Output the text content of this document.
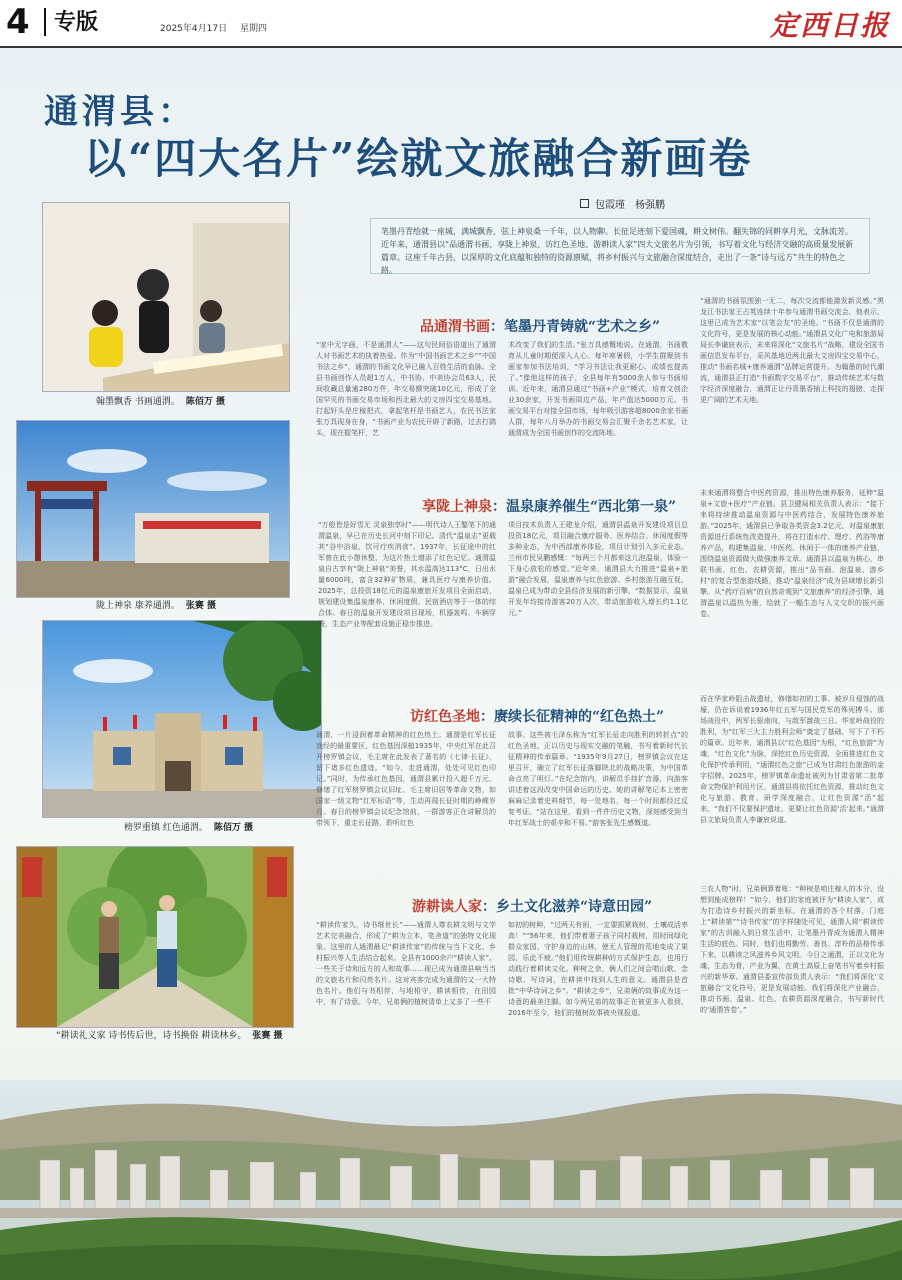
4	专版	2025年4月17日 星期四	定西日报
通渭县：
以“四大名片”绘就文旅融合新画卷
包霞瑾　杨强鹏
笔墨丹青绘就一座城，满城飘香，弦上神泉桑一千年，以人物聊。长征足迹刻下爱国魂，耕文树伟。翻失锦的同耕享月光，文脉流芳。近年来，通渭县以“品通渭书画、享陇上神泉、访红色圣地、游耕读人家”四大文旅名片为引领，书写着文化与经济交融的高质量发展新篇章。这座千年古县，以深厚的文化底蕴和独特的资源禀赋，将乡村振兴与文旅融合深度结合，走出了一条“诗与远方”共生的特色之路。
翰墨飘香 书画通渭。 陈佰万 摄
陇上神泉 康养通渭。 张赛 摄
榜罗重镇 红色通渭。 陈佰万 摄
“耕读礼义家 诗书传后世，诗书换俗 耕读林乡。 张赛 摄
品通渭书画：笔墨丹青铸就“艺术之乡”
“家中无字画，不是通渭人”——这句民间俗语道出了通渭人对书画艺术的执着热爱。作为“中国书画艺术之乡”“中国书法之乡”，通渭的书画文化早已融入百姓生活的血脉。全县书画创作人员超1万人，中书协、中美协会员63人，民间收藏总量逾280万件，年交易额突破10亿元，形成了全国罕见的书画交易市场和西北最大的文房四宝交易基地。打起轩头是庄稼把式，拿起笔杆是书画艺人，农民书法家张万具现身在身，“书画产业为农民开辟了新路，过去打鹞头，现在握笔杆，艺
术改变了我们的生活。”张万具感慨地说。在通渭，书画教育从儿童时期便深入人心。每年寒暑假，小学生群聚到书画家参加书法培训，“学习书法让我更耐心、成绩也提高了。”像他这样的孩子，全县每年有5000余人参与书画培训。近年来，通渭县通过“书画+产业”模式，培育文创企业30余家，开发书画周边产品，年产值达5000万元。书画交易平台对接全国市场，每年吸引游客超8000余家书画人群，每年八月举办的书画交易会汇聚千余名艺术家，让通渭成为全国书画创作的交流阵地。
“通渭的书画氛围独一无二，每次交流都能激发新灵感。”黑龙江书法家王占英连续十年参与通渭书画交流会，他表示，这里已成为艺术家“以笔会友”的圣地。“书画不仅是通渭的文化符号，更是发展的核心动能。”通渭县文化广电和旅游局局长李谦宸表示，未来将深化“文旅名片”战略，建设全国书画信息发布平台，采风基地近两北最大文房四宝交易中心，推动“书画名城+康养通渭”品牌运营提升。为翰墨的时代潮流，通渭县正打造“书画数字交易平台”，推动传统艺术与数字经济深度融合，通渭正让丹青墨香插上科技的翅膀，走探更广阔的艺术天地。
享陇上神泉：温泉康养催生“西北第一泉”
“万般皆是好雪无 灵泉独享时”——明代诗人王鏊笔下的通渭温泉，早已在历史长河中刻下印记。清代“温泉志”更载其“谷中浴泉，饮可疗疾消食”。1937年，长征途中的红军曾在此小憩休整，为这片热土增添了红色记忆。通渭温泉自古享有“陇上神泉”美誉，其水温高达113°C，日出水量6000吨，富含32种矿物质，兼具医疗与康养价值。2025年，总投资18亿元的温泉康旅开发项目全面启动，规划建设集温泉康养、休闲度假、民宿酒店等于一体的综合体。春日的温泉开发建设项目现场，机器轰鸣、车辆穿梭，生态产业等配套设施正稳步推进。
项目技术负责人王建龙介绍，通渭县温泉开发建设项目总投资18亿元，项目融合康疗服务、医养结合、休闲度假等多种业态，为中西部康养体验，项目计划引入多元业态。兰州市民吴鹏感慨：“每两三个月都来这儿泡温泉，体验一下身心放松的感觉。”近年来，通渭县大力推进“温泉+旅游”融合发展，温泉康养与红色旅游、乡村旅游互融互促，温泉已成为带动全县经济发展的新引擎。“数据显示，温泉开发年均接待游客20万人次，带动旅游收入增长约1.1亿元。”
未来通渭将整合中医药资源，推出特色康养服务，延伸“温泉+文旅+医疗”产业链。县卫健局相关负责人表示：“接下来将持续推动温泉资源与中医药结合，发展特色康养旅游。”2025年，通渭县已争取各类资金3.2亿元，对温泉康旅资源进行系统性改造提升，将在打造水疗、理疗、药浴等康养产品，构建集温泉、中医药、休闲于一体的康养产业链，围绕温泉资源做大做强康养文章。通渭县以温泉为核心，串联书画、红色、农耕资源，推出“品书画、泡温泉、游乡村”的复合型旅游线路，推动“温泉经济”成为县域增长新引擎。从“药疗百病”的自然奇观到“文旅康养”的经济引擎，通渭温泉以温热为墨，绘就了一幅生态与人文交织的振兴画卷。
访红色圣地：赓续长征精神的“红色热土”
通渭，一片浸润着革命精神的红色热土。通渭是红军长征途经的最重要区，红色基因深植1935年，中央红军在此召开榜罗镇会议，毛主席在此发表了著名的《七律·长征》，留下诸多红色遗迹。“如今，走进通渭，处处可见红色印记。”同时，为传承红色基因，通渭县累计投入超千万元，修缮了红军榜罗镇会议旧址、毛主席旧居等革命文物，如国家一级文物“红军标语”等，生动再现长征时期的峥嵘岁月。春日的榜罗镇会议纪念馆前，一群游客正在讲解员的带领下，重走长征路，聆听红色
故事。这些被毛泽东称为“红军长征走向胜利的转折点”的红色圣地，正以历史与现实交融的笔触，书写着新时代长征精神的传承篇章。“1935年9月27日，榜罗镇会议在这里召开，确立了红军长征落脚陕北的战略决策，为中国革命点亮了明灯。”在纪念馆内，讲解员手持扩音器，向游客讲述着这段改变中国命运的历史。她的讲解笔记本上密密麻麻记录着史料细节，每一处地名，每一个时间都经过反复考证。“站在这里，看到一件件历史文物，深刻感受到当年红军战士的艰辛和不易。”游客张先生感慨道。
而在华家岭阻击战遗址，修缮如初的工事、被岁月侵蚀的战壕，仍在诉说着1936年红五军与国民党军的殊死搏斗。那场战役中，两军长驱南向，与敌军激战三日。华家岭战役的胜利，为“红军三大主力胜利会师”奠定了基础，写下了不朽的篇章。近年来，通渭县以“红色基因”为根，“红色旅游”为魂，“红色文化”为脉，深挖红色历史资源，全面推进红色文化保护传承利用，“通渭红色之旅”已成为甘肃红色旅游的金字招牌。2025年，榜罗镇革命遗址被列为甘肃省第二批革命文物保护利用片区，通渭县将依托红色资源，推动红色文化与旅游、教育、研学深度融合，让红色资源“活”起来。“我们不仅要保护遗址，更要让红色资源‘活’起来。”通渭县文旅局负责人李谦宸说道。
游耕读人家：乡土文化滋养“诗意田园”
“耕读传家久，诗书继世长”——通渭人尊农耕文明与文学艺术完美融合，形成了“耕为立本，笔舍道”的独特文化现象。这里的人通渭最记“耕读传家”的传统与当下文化、乡村振兴等人生活结合起来。全县有1000余户“耕读人家”。一些关于诗和远方的人和故事……现已成为通渭县响当当的文旅名片和闪亮名片。这对宾客完成为通渭的又一大特色名片。他们与书相伴，与地相守，耕读相传，在田园中，有了诗意。今年，兄弟俩的植树清单上又多了一些不
如初的树种，“过两天有雨，一定要抓紧栽树，土壤成活率高！”“56年来，他们带着妻子孩子同村栽树，用时间绿化群众家园，守护身边的山林，使无人管理的荒地变成了果园，乐此不疲。”他们用传统耕种的方式保护生态，也用行动践行着耕读文化。种树之余，俩人们之间会唱山歌、念诗歌、写诗词，在耕读中找到人生的意义。通渭县是首批“中华诗词之乡”。“耕读之乡”，兄弟俩的故事成为这一诗意的最美注脚。如今两兄弟的故事正在被更多人看到，2016年至今，他们的植树故事被央视报道。
三农人物”时，兄弟俩算着账：“种树是咱庄稼人的本分，没想到能成榜样！”如今，他们的家庭被评为“耕读人家”，成为打造诗乡村振兴的新坐标。在通渭的各个村落，门庭上“耕读第”“诗书传家”的字样随处可见，通渭人将“耕读传家”的古训融入到日常生活中，让笔墨丹青成为通渭人精神生活的底色。同时，他们也将勤劳、善良、淳朴的品格传承下来，以耕读之风滋养乡风文明。今日之通渭，正以文化为魂，生态为骨，产业为翼，在黄土高原上奋笔书写着乡村振兴的新华章。通渭县委宣传部负责人表示：“我们将深化‘文旅融合’文化符号，更是发展动能。我们将深化产业融合，推动书画、温泉、红色、农耕资源深度融合，书写新时代的‘通渭答卷’。”
